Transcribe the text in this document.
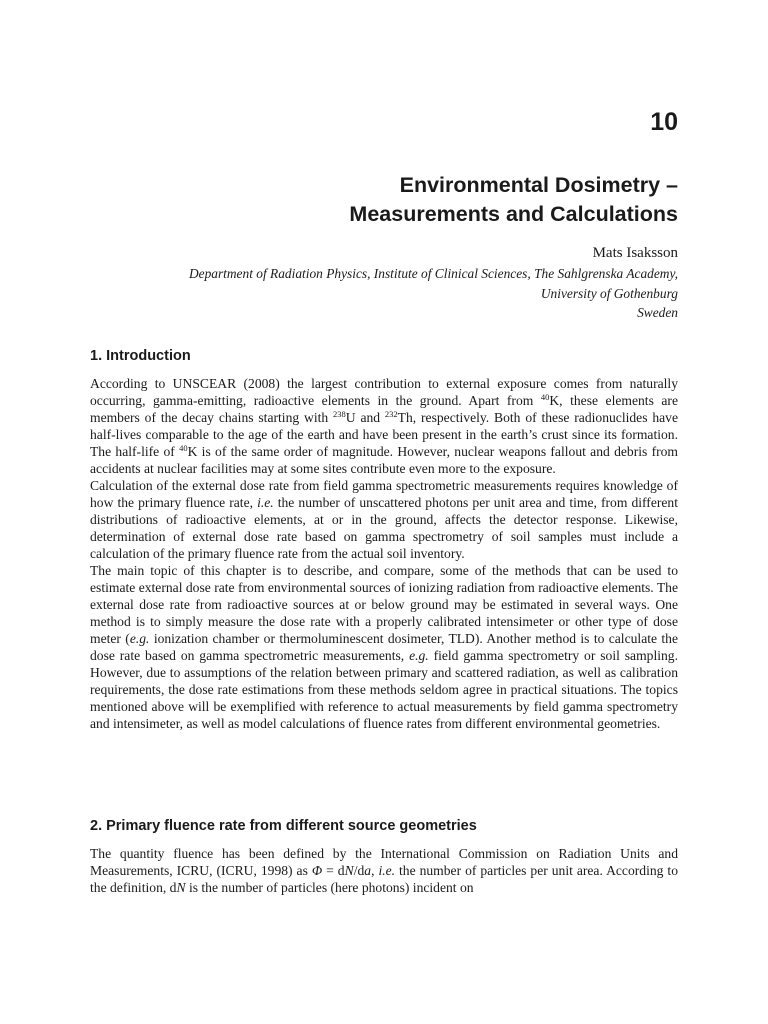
10
Environmental Dosimetry –
Measurements and Calculations
Mats Isaksson
Department of Radiation Physics, Institute of Clinical Sciences, The Sahlgrenska Academy,
University of Gothenburg
Sweden
1. Introduction

According to UNSCEAR (2008) the largest contribution to external exposure comes from naturally occurring, gamma-emitting, radioactive elements in the ground. Apart from $^{40}$K, these elements are members of the decay chains starting with $^{238}$U and $^{232}$Th, respectively. Both of these radionuclides have half-lives comparable to the age of the earth and have been present in the earth’s crust since its formation. The half-life of $^{40}$K is of the same order of magnitude. However, nuclear weapons fallout and debris from accidents at nuclear facilities may at some sites contribute even more to the exposure.

Calculation of the external dose rate from field gamma spectrometric measurements requires knowledge of how the primary fluence rate, i.e. the number of unscattered photons per unit area and time, from different distributions of radioactive elements, at or in the ground, affects the detector response. Likewise, determination of external dose rate based on gamma spectrometry of soil samples must include a calculation of the primary fluence rate from the actual soil inventory.

The main topic of this chapter is to describe, and compare, some of the methods that can be used to estimate external dose rate from environmental sources of ionizing radiation from radioactive elements. The external dose rate from radioactive sources at or below ground may be estimated in several ways. One method is to simply measure the dose rate with a properly calibrated intensimeter or other type of dose meter (e.g. ionization chamber or thermoluminescent dosimeter, TLD). Another method is to calculate the dose rate based on gamma spectrometric measurements, e.g. field gamma spectrometry or soil sampling. However, due to assumptions of the relation between primary and scattered radiation, as well as calibration requirements, the dose rate estimations from these methods seldom agree in practical situations. The topics mentioned above will be exemplified with reference to actual measurements by field gamma spectrometry and intensimeter, as well as model calculations of fluence rates from different environmental geometries.

2. Primary fluence rate from different source geometries

The quantity fluence has been defined by the International Commission on Radiation Units and Measurements, ICRU, (ICRU, 1998) as Φ = dN/da, i.e. the number of particles per unit area. According to the definition, dN is the number of particles (here photons) incident on
